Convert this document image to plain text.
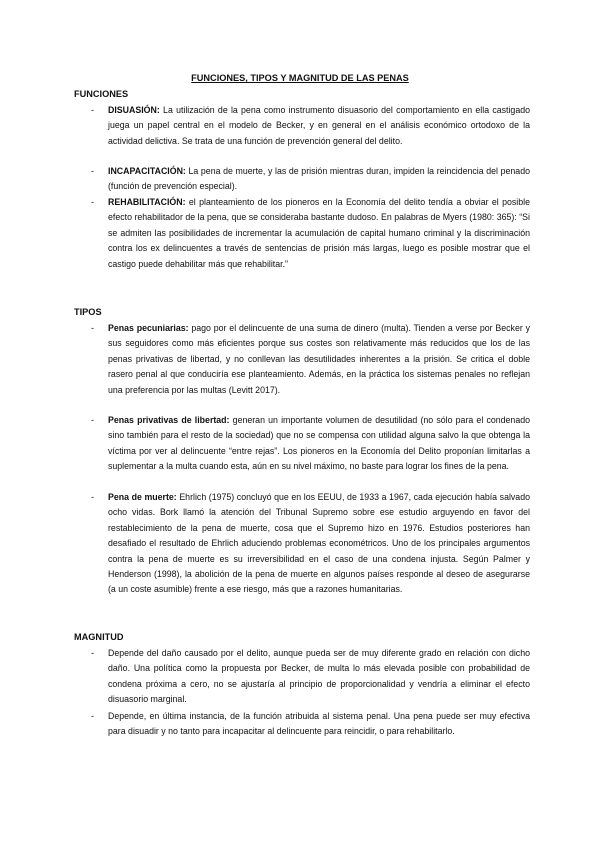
FUNCIONES, TIPOS Y MAGNITUD DE LAS PENAS
FUNCIONES
- DISUASIÓN: La utilización de la pena como instrumento disuasorio del comportamiento en ella castigado juega un papel central en el modelo de Becker, y en general en el análisis económico ortodoxo de la actividad delictiva. Se trata de una función de prevención general del delito.
- INCAPACITACIÓN: La pena de muerte, y las de prisión mientras duran, impiden la reincidencia del penado (función de prevención especial).
- REHABILITACIÓN: el planteamiento de los pioneros en la Economía del delito tendía a obviar el posible efecto rehabilitador de la pena, que se consideraba bastante dudoso. En palabras de Myers (1980: 365): “Si se admiten las posibilidades de incrementar la acumulación de capital humano criminal y la discriminación contra los ex delincuentes a través de sentencias de prisión más largas, luego es posible mostrar que el castigo puede dehabilitar más que rehabilitar.”
TIPOS
- Penas pecuniarias: pago por el delincuente de una suma de dinero (multa). Tienden a verse por Becker y sus seguidores como más eficientes porque sus costes son relativamente más reducidos que los de las penas privativas de libertad, y no conllevan las desutilidades inherentes a la prisión. Se critica el doble rasero penal al que conduciría ese planteamiento. Además, en la práctica los sistemas penales no reflejan una preferencia por las multas (Levitt 2017).
- Penas privativas de libertad: generan un importante volumen de desutilidad (no sólo para el condenado sino también para el resto de la sociedad) que no se compensa con utilidad alguna salvo la que obtenga la víctima por ver al delincuente “entre rejas”. Los pioneros en la Economía del Delito proponían limitarlas a suplementar a la multa cuando esta, aún en su nivel máximo, no baste para lograr los fines de la pena.
- Pena de muerte: Ehrlich (1975) concluyó que en los EEUU, de 1933 a 1967, cada ejecución había salvado ocho vidas. Bork llamó la atención del Tribunal Supremo sobre ese estudio arguyendo en favor del restablecimiento de la pena de muerte, cosa que el Supremo hizo en 1976. Estudios posteriores han desafiado el resultado de Ehrlich aduciendo problemas econométricos. Uno de los principales argumentos contra la pena de muerte es su irreversibilidad en el caso de una condena injusta. Según Palmer y Henderson (1998), la abolición de la pena de muerte en algunos países responde al deseo de asegurarse (a un coste asumible) frente a ese riesgo, más que a razones humanitarias.
MAGNITUD
- Depende del daño causado por el delito, aunque pueda ser de muy diferente grado en relación con dicho daño. Una política como la propuesta por Becker, de multa lo más elevada posible con probabilidad de condena próxima a cero, no se ajustaría al principio de proporcionalidad y vendría a eliminar el efecto disuasorio marginal.
- Depende, en última instancia, de la función atribuida al sistema penal. Una pena puede ser muy efectiva para disuadir y no tanto para incapacitar al delincuente para reincidir, o para rehabilitarlo.
